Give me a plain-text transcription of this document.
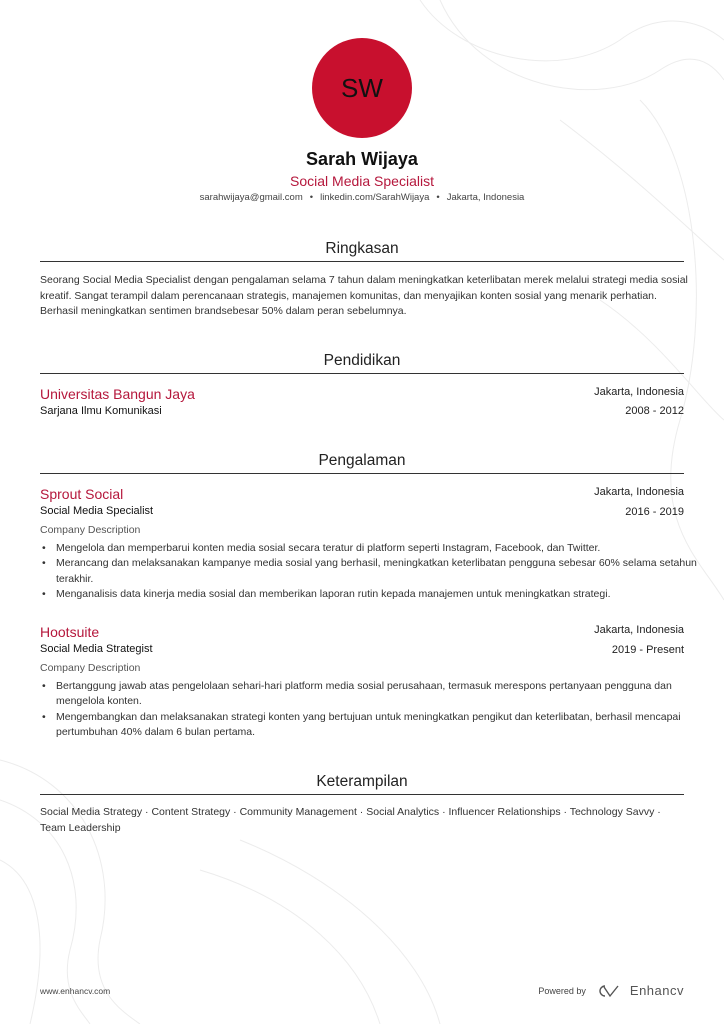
SW
Sarah Wijaya
Social Media Specialist
sarahwijaya@gmail.com • linkedin.com/SarahWijaya • Jakarta, Indonesia
Ringkasan
Seorang Social Media Specialist dengan pengalaman selama 7 tahun dalam meningkatkan keterlibatan merek melalui strategi media sosial kreatif. Sangat terampil dalam perencanaan strategis, manajemen komunitas, dan menyajikan konten sosial yang menarik perhatian. Berhasil meningkatkan sentimen brandsebesar 50% dalam peran sebelumnya.
Pendidikan
Universitas Bangun Jaya
Sarjana Ilmu Komunikasi
Jakarta, Indonesia
2008 - 2012
Pengalaman
Sprout Social
Social Media Specialist
Jakarta, Indonesia
2016 - 2019
Company Description
• Mengelola dan memperbarui konten media sosial secara teratur di platform seperti Instagram, Facebook, dan Twitter.
• Merancang dan melaksanakan kampanye media sosial yang berhasil, meningkatkan keterlibatan pengguna sebesar 60% selama setahun terakhir.
• Menganalisis data kinerja media sosial dan memberikan laporan rutin kepada manajemen untuk meningkatkan strategi.
Hootsuite
Social Media Strategist
Jakarta, Indonesia
2019 - Present
Company Description
• Bertanggung jawab atas pengelolaan sehari-hari platform media sosial perusahaan, termasuk merespons pertanyaan pengguna dan mengelola konten.
• Mengembangkan dan melaksanakan strategi konten yang bertujuan untuk meningkatkan pengikut dan keterlibatan, berhasil mencapai pertumbuhan 40% dalam 6 bulan pertama.
Keterampilan
Social Media Strategy · Content Strategy · Community Management · Social Analytics · Influencer Relationships · Technology Savvy ·
Team Leadership
www.enhancv.com	Powered by	Enhancv
